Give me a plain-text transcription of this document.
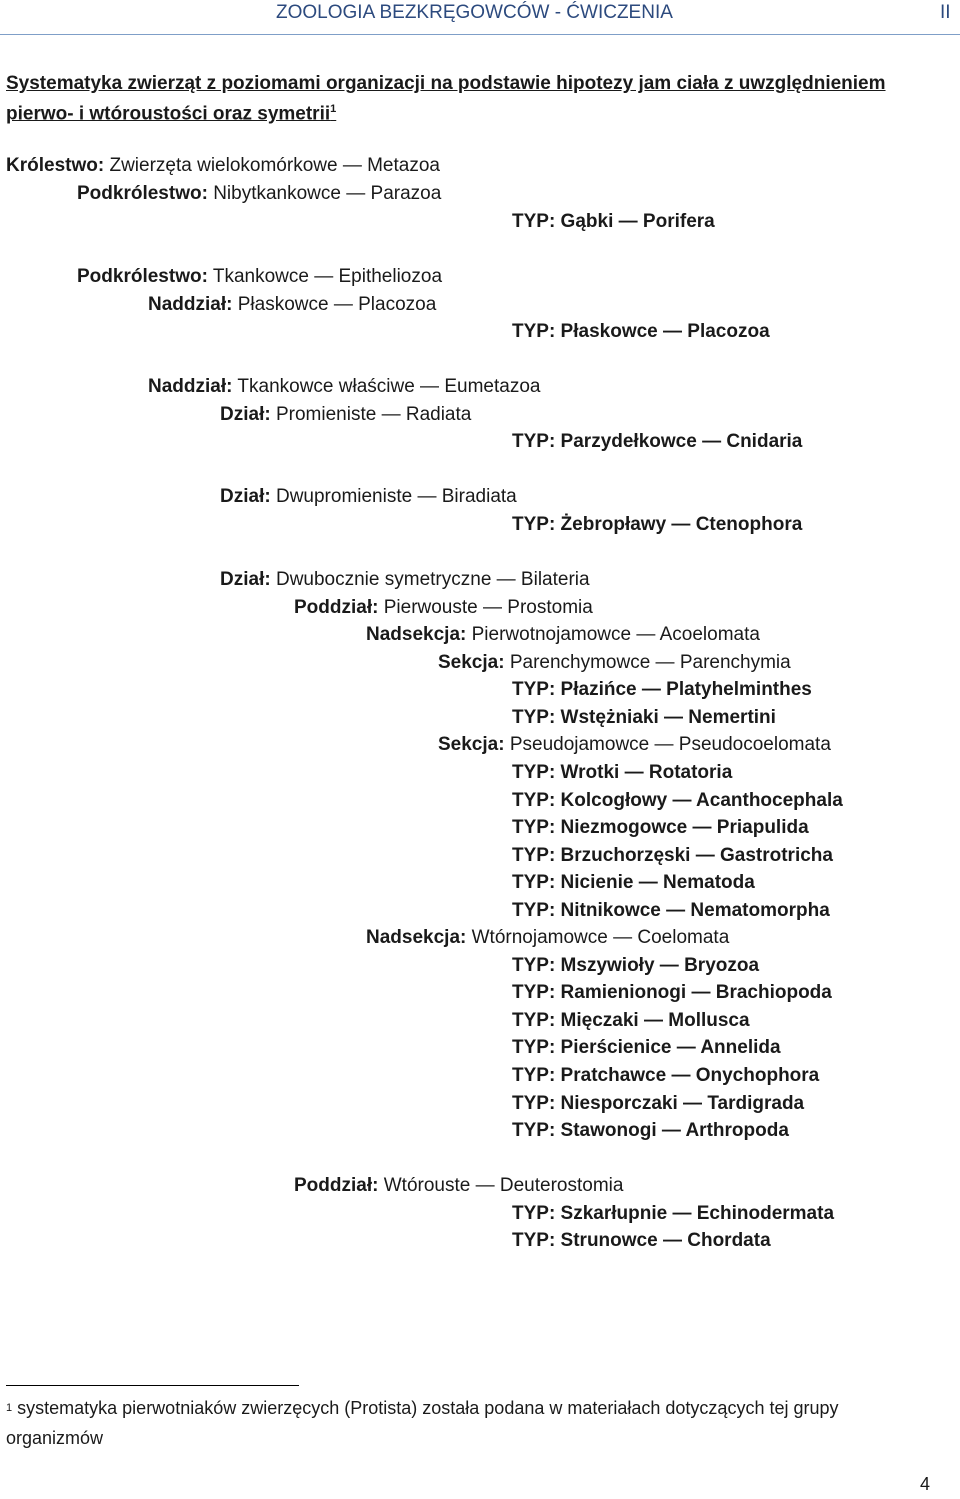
ZOOLOGIA BEZKRĘGOWCÓW - ĆWICZENIA	II
Systematyka zwierząt z poziomami organizacji na podstawie hipotezy jam ciała z uwzględnieniem
pierwo- i wtóroustości oraz symetrii$^1$
Królestwo: Zwierzęta wielokomórkowe — Metazoa
Podkrólestwo: Nibytkankowce — Parazoa
TYP: Gąbki — Porifera
Podkrólestwo: Tkankowce — Epitheliozoa
Naddział: Płaskowce — Placozoa
TYP: Płaskowce — Placozoa
Naddział: Tkankowce właściwe — Eumetazoa
Dział: Promieniste — Radiata
TYP: Parzydełkowce — Cnidaria
Dział: Dwupromieniste — Biradiata
TYP: Żebropławy — Ctenophora
Dział: Dwubocznie symetryczne — Bilateria
Poddział: Pierwouste — Prostomia
Nadsekcja: Pierwotnojamowce — Acoelomata
Sekcja: Parenchymowce — Parenchymia
TYP: Płazińce — Platyhelminthes
TYP: Wstężniaki — Nemertini
Sekcja: Pseudojamowce — Pseudocoelomata
TYP: Wrotki — Rotatoria
TYP: Kolcogłowy — Acanthocephala
TYP: Niezmogowce — Priapulida
TYP: Brzuchorzęski — Gastrotricha
TYP: Nicienie — Nematoda
TYP: Nitnikowce — Nematomorpha
Nadsekcja: Wtórnojamowce — Coelomata
TYP: Mszywioły — Bryozoa
TYP: Ramienionogi — Brachiopoda
TYP: Mięczaki — Mollusca
TYP: Pierścienice — Annelida
TYP: Pratchawce — Onychophora
TYP: Niesporczaki — Tardigrada
TYP: Stawonogi — Arthropoda
Poddział: Wtórouste — Deuterostomia
TYP: Szkarłupnie — Echinodermata
TYP: Strunowce — Chordata
$^1$ systematyka pierwotniaków zwierzęcych (Protista) została podana w materiałach dotyczących tej grupy
organizmów
4
